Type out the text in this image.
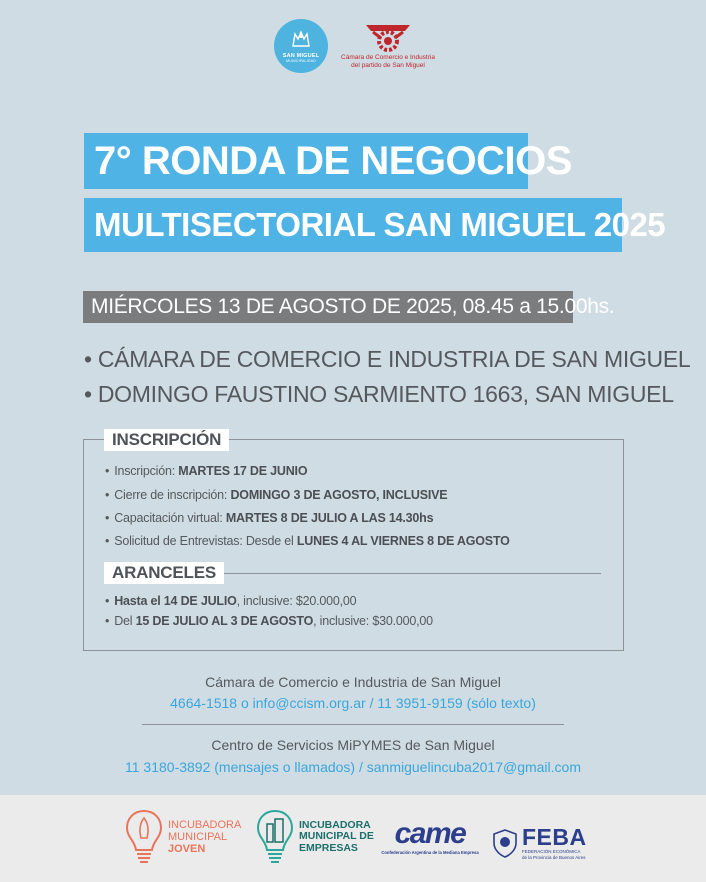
SAN MIGUEL
MUNICIPALIDAD	Cámara de Comercio e Industria
del partido de San Miguel
7° RONDA DE NEGOCIOS
MULTISECTORIAL SAN MIGUEL 2025
MIÉRCOLES 13 DE AGOSTO DE 2025, 08.45 a 15.00hs.
• CÁMARA DE COMERCIO E INDUSTRIA DE SAN MIGUEL
• DOMINGO FAUSTINO SARMIENTO 1663, SAN MIGUEL
INSCRIPCIÓN
• Inscripción: MARTES 17 DE JUNIO
• Cierre de inscripción: DOMINGO 3 DE AGOSTO, INCLUSIVE
• Capacitación virtual: MARTES 8 DE JULIO A LAS 14.30hs
• Solicitud de Entrevistas: Desde el LUNES 4 AL VIERNES 8 DE AGOSTO
ARANCELES
• Hasta el 14 DE JULIO, inclusive: $20.000,00
• Del 15 DE JULIO AL 3 DE AGOSTO, inclusive: $30.000,00
Cámara de Comercio e Industria de San Miguel
4664-1518 o info@ccism.org.ar / 11 3951-9159 (sólo texto)
Centro de Servicios MiPYMES de San Miguel
11 3180-3892 (mensajes o llamados) / sanmiguelincuba2017@gmail.com
INCUBADORA
MUNICIPAL
JOVEN
INCUBADORA
MUNICIPAL DE
EMPRESAS	came
Confederación Argentina de la Mediana Empresa
FEBA
FEDERACIÓN ECONÓMICA
de la Provincia de Buenos Aires
